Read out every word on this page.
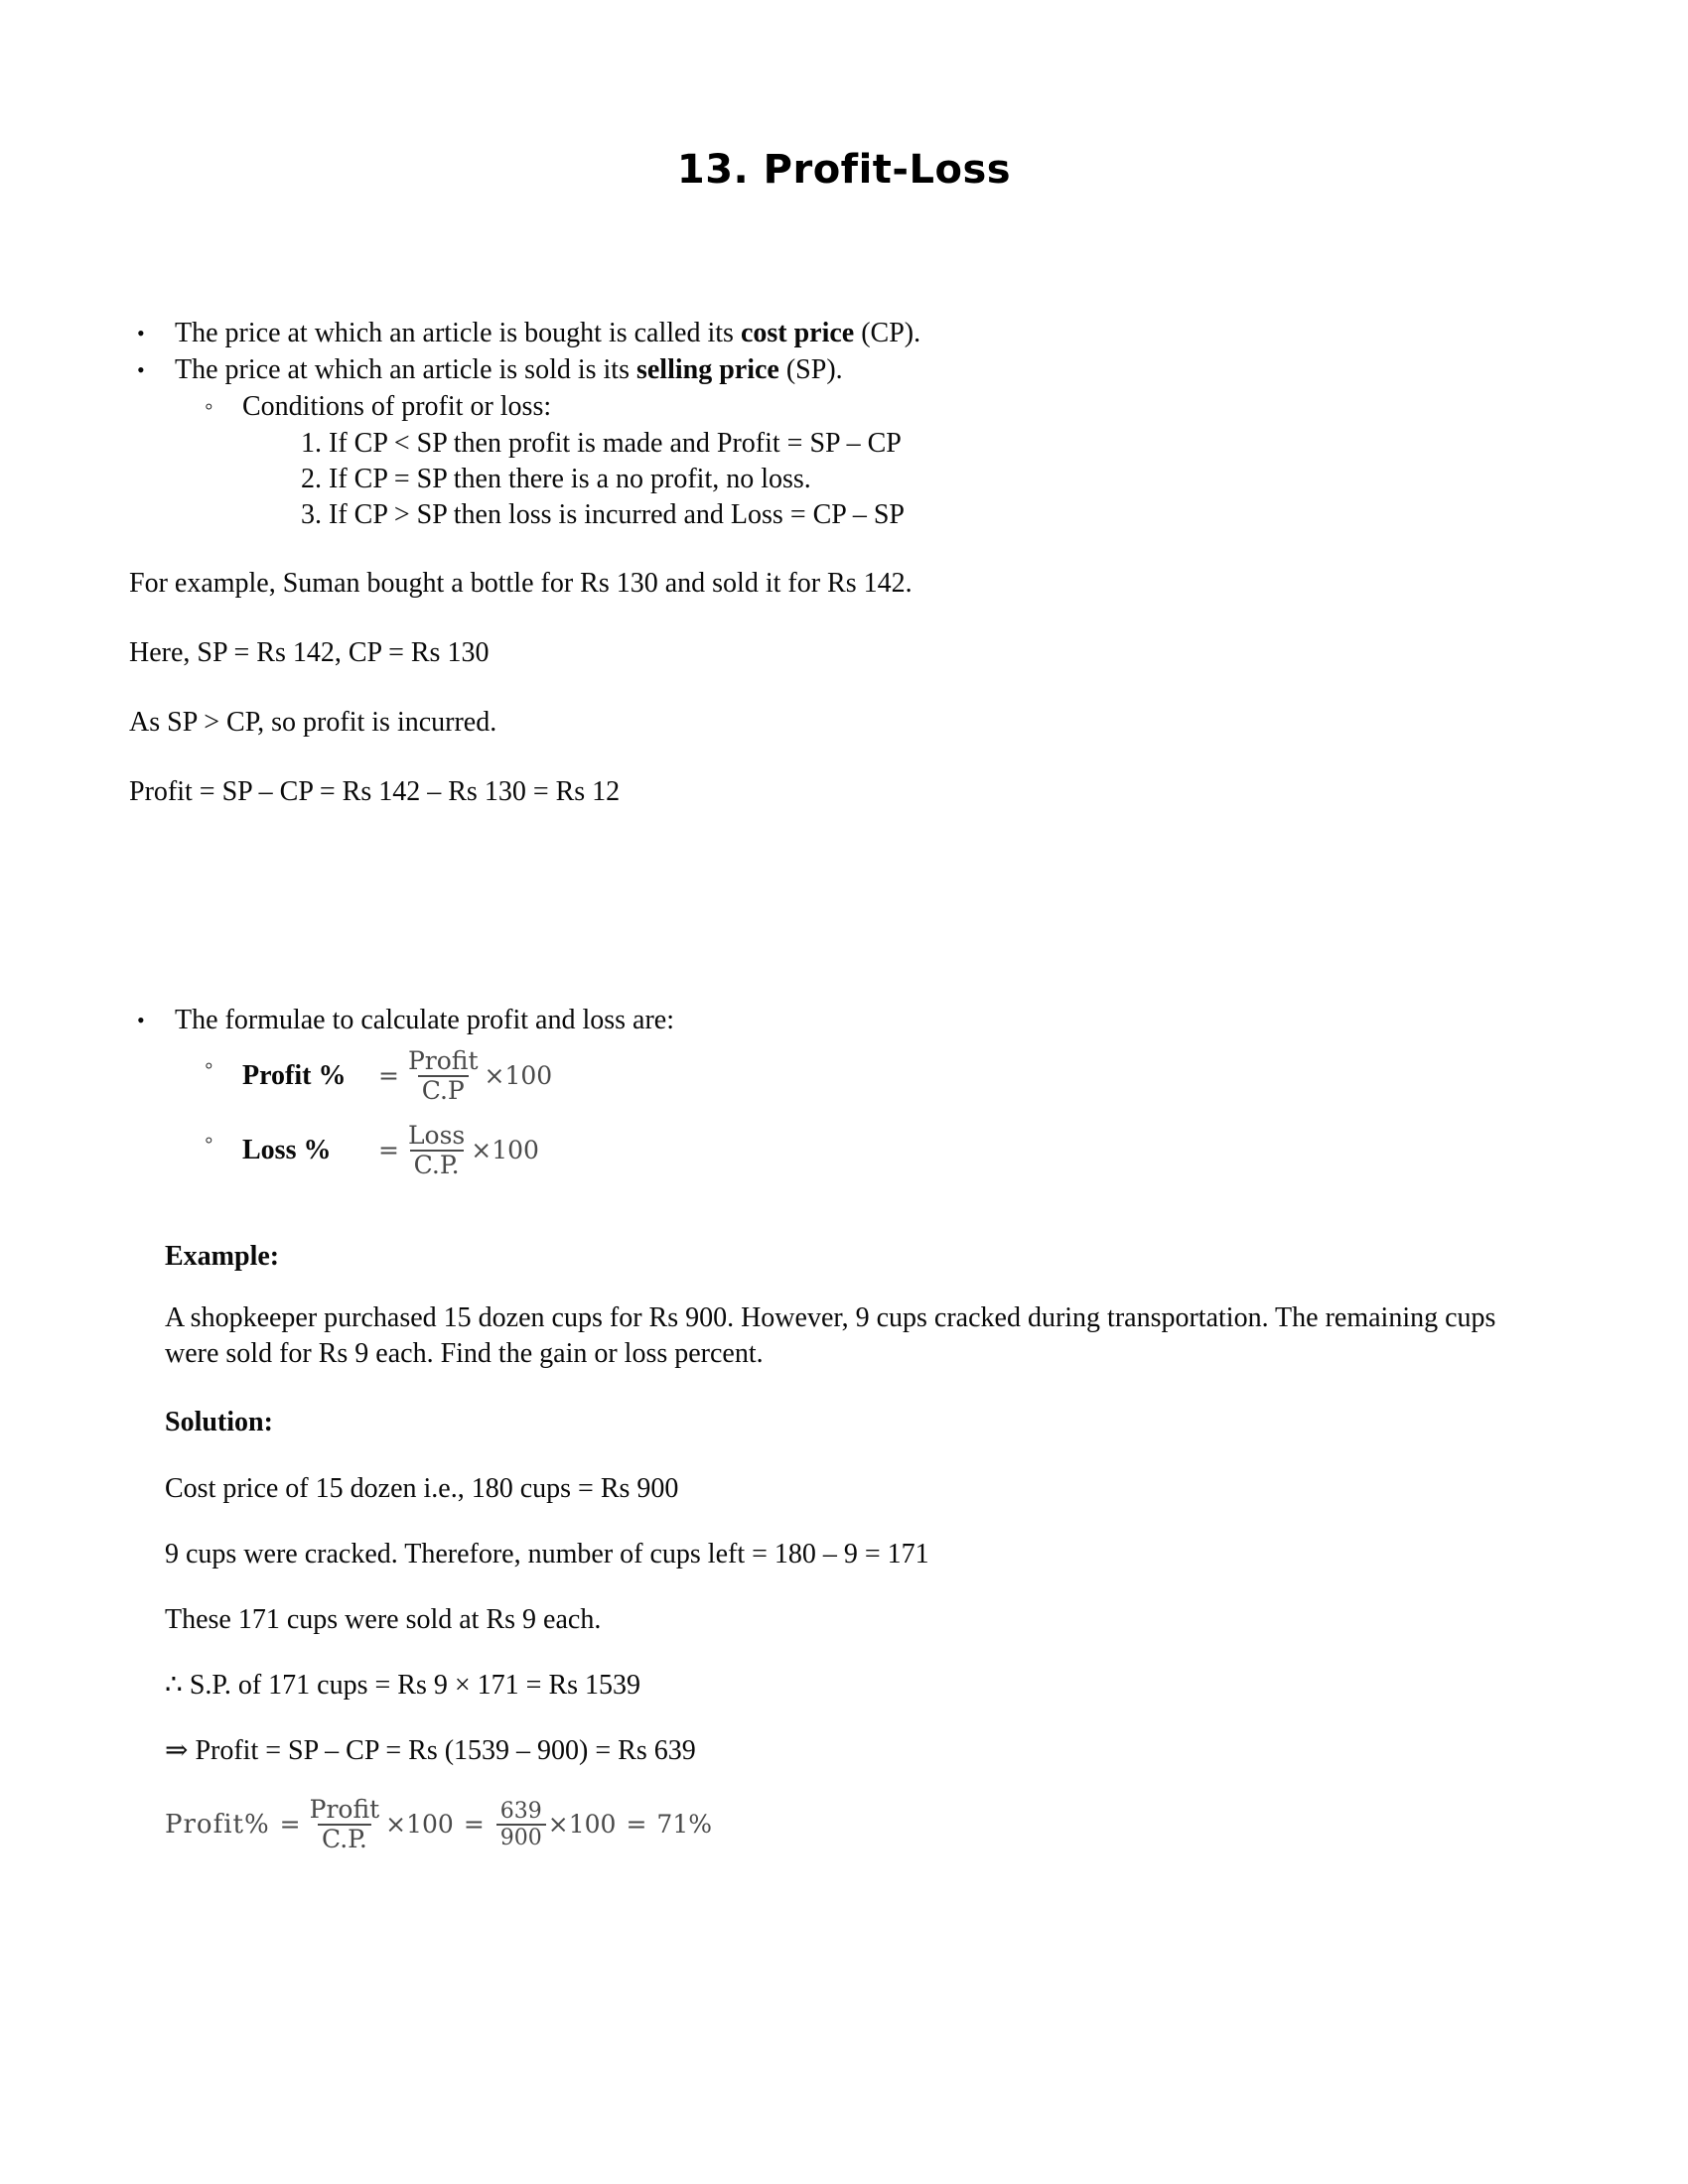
13. Profit-Loss
•
The price at which an article is bought is called its cost price (CP).
•
The price at which an article is sold is its selling price (SP).
◦
Conditions of profit or loss:
1. If CP < SP then profit is made and Profit = SP – CP
2. If CP = SP then there is a no profit, no loss.
3. If CP > SP then loss is incurred and Loss = CP – SP
For example, Suman bought a bottle for Rs 130 and sold it for Rs 142.
Here, SP = Rs 142, CP = Rs 130
As SP > CP, so profit is incurred.
Profit = SP – CP = Rs 142 – Rs 130 = Rs 12
•
The formulae to calculate profit and loss are:
◦
Profit %	= $\frac{\text{Profit}}{C.P} \times 100$
◦
Loss %	= $\frac{\text{Loss}}{C.P.} \times 100$
Example:
A shopkeeper purchased 15 dozen cups for Rs 900. However, 9 cups cracked during transportation. The remaining cups were sold for Rs 9 each. Find the gain or loss percent.
Solution:
Cost price of 15 dozen i.e., 180 cups = Rs 900
9 cups were cracked. Therefore, number of cups left = 180 – 9 = 171
These 171 cups were sold at Rs 9 each.
∴ S.P. of 171 cups = Rs 9 × 171 = Rs 1539
⇒ Profit = SP – CP = Rs (1539 – 900) = Rs 639
Profit% = $\frac{\text{Profit}}{C.P.} \times 100 = \frac{639}{900} \times 100 = 71\%$
